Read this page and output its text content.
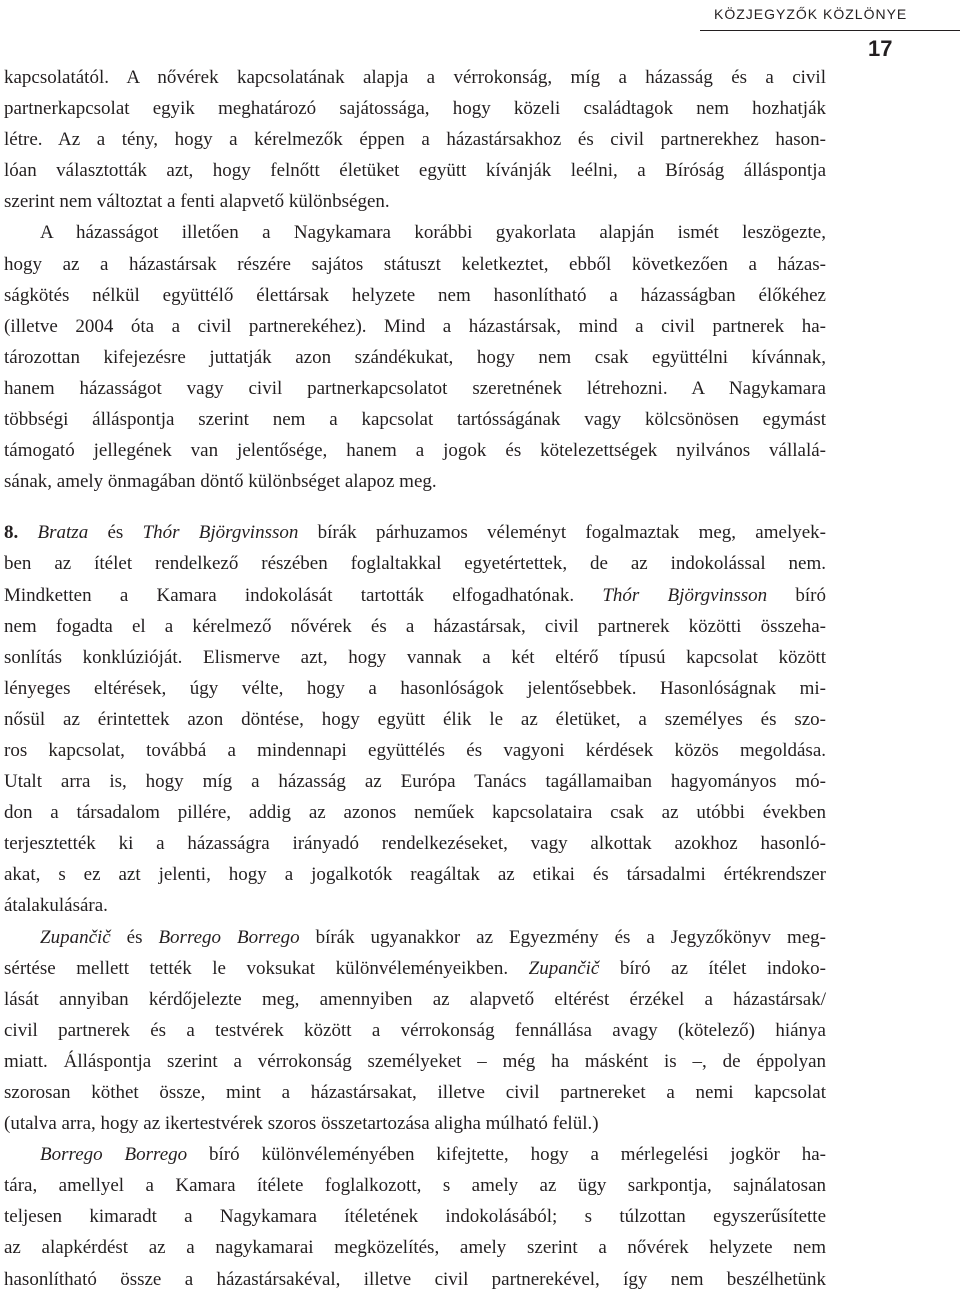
KÖZJEGYZŐK KÖZLÖNYE
17
kapcsolatától. A nővérek kapcsolatának alapja a vérrokonság, míg a házasság és a civil
partnerkapcsolat egyik meghatározó sajátossága, hogy közeli családtagok nem hozhatják
létre. Az a tény, hogy a kérelmezők éppen a házastársakhoz és civil partnerekhez hason-
lóan választották azt, hogy felnőtt életüket együtt kívánják leélni, a Bíróság álláspontja
szerint nem változtat a fenti alapvető különbségen.
A házasságot illetően a Nagykamara korábbi gyakorlata alapján ismét leszögezte,
hogy az a házastársak részére sajátos státuszt keletkeztet, ebből következően a házas-
ságkötés nélkül együttélő élettársak helyzete nem hasonlítható a házasságban élőkéhez
(illetve 2004 óta a civil partnerekéhez). Mind a házastársak, mind a civil partnerek ha-
tározottan kifejezésre juttatják azon szándékukat, hogy nem csak együttélni kívánnak,
hanem házasságot vagy civil partnerkapcsolatot szeretnének létrehozni. A Nagykamara
többségi álláspontja szerint nem a kapcsolat tartósságának vagy kölcsönösen egymást
támogató jellegének van jelentősége, hanem a jogok és kötelezettségek nyilvános vállalá-
sának, amely önmagában döntő különbséget alapoz meg.
8. Bratza és Thór Björgvinsson bírák párhuzamos véleményt fogalmaztak meg, amelyek-
ben az ítélet rendelkező részében foglaltakkal egyetértettek, de az indokolással nem.
Mindketten a Kamara indokolását tartották elfogadhatónak. Thór Björgvinsson bíró
nem fogadta el a kérelmező nővérek és a házastársak, civil partnerek közötti összeha-
sonlítás konklúzióját. Elismerve azt, hogy vannak a két eltérő típusú kapcsolat között
lényeges eltérések, úgy vélte, hogy a hasonlóságok jelentősebbek. Hasonlóságnak mi-
nősül az érintettek azon döntése, hogy együtt élik le az életüket, a személyes és szo-
ros kapcsolat, továbbá a mindennapi együttélés és vagyoni kérdések közös megoldása.
Utalt arra is, hogy míg a házasság az Európa Tanács tagállamaiban hagyományos mó-
don a társadalom pillére, addig az azonos neműek kapcsolataira csak az utóbbi években
terjesztették ki a házasságra irányadó rendelkezéseket, vagy alkottak azokhoz hasonló-
akat, s ez azt jelenti, hogy a jogalkotók reagáltak az etikai és társadalmi értékrendszer
átalakulására.
Zupančič és Borrego Borrego bírák ugyanakkor az Egyezmény és a Jegyzőkönyv meg-
sértése mellett tették le voksukat különvéleményeikben. Zupančič bíró az ítélet indoko-
lását annyiban kérdőjelezte meg, amennyiben az alapvető eltérést érzékel a házastársak/
civil partnerek és a testvérek között a vérrokonság fennállása avagy (kötelező) hiánya
miatt. Álláspontja szerint a vérrokonság személyeket – még ha másként is –, de éppolyan
szorosan köthet össze, mint a házastársakat, illetve civil partnereket a nemi kapcsolat
(utalva arra, hogy az ikertestvérek szoros összetartozása aligha múlható felül.)
Borrego Borrego bíró különvéleményében kifejtette, hogy a mérlegelési jogkör ha-
tára, amellyel a Kamara ítélete foglalkozott, s amely az ügy sarkpontja, sajnálatosan
teljesen kimaradt a Nagykamara ítéletének indokolásából; s túlzottan egyszerűsítette
az alapkérdést az a nagykamarai megközelítés, amely szerint a nővérek helyzete nem
hasonlítható össze a házastársakéval, illetve civil partnerekével, így nem beszélhetünk
